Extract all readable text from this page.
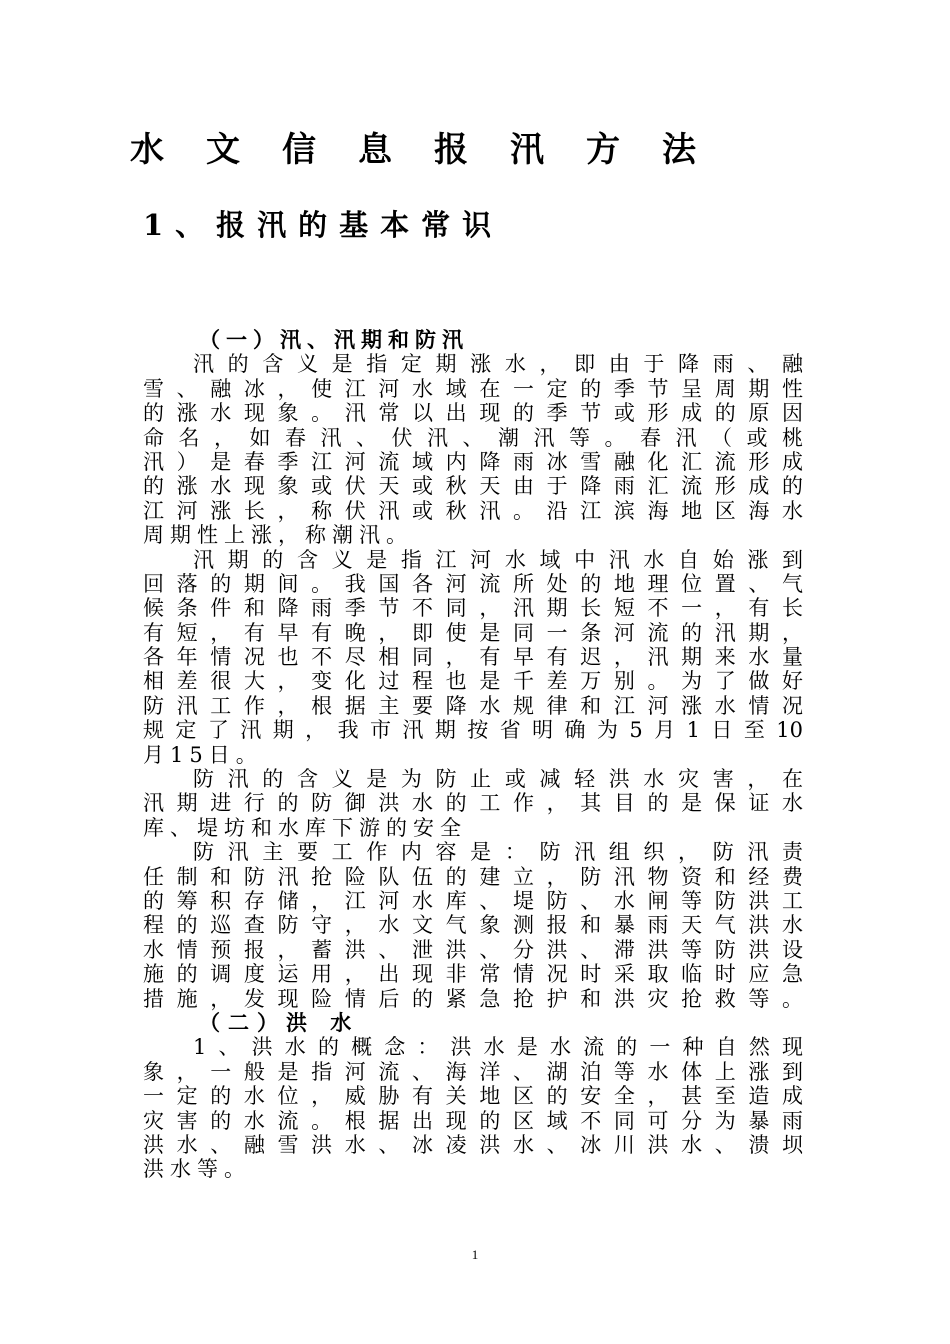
水 文 信 息 报 汛 方 法
1、报汛的基本常识
（一）汛、汛期和防汛
汛的含义是指定期涨水，即由于降雨、融
雪、融冰，使江河水域在一定的季节呈周期性
的涨水现象。汛常以出现的季节或形成的原因
命名，如春汛、伏汛、潮汛等。春汛（或桃
汛）是春季江河流域内降雨冰雪融化汇流形成
的涨水现象或伏天或秋天由于降雨汇流形成的
江河涨长，称伏汛或秋汛。沿江滨海地区海水
周期性上涨，称潮汛。
汛期的含义是指江河水域中汛水自始涨到
回落的期间。我国各河流所处的地理位置、气
候条件和降雨季节不同，汛期长短不一，有长
有短，有早有晚，即使是同一条河流的汛期，
各年情况也不尽相同，有早有迟，汛期来水量
相差很大，变化过程也是千差万别。为了做好
防汛工作，根据主要降水规律和江河涨水情况
规定了汛期，我市汛期按省明确为5月1日至10
月15日。
防汛的含义是为防止或减轻洪水灾害，在
汛期进行的防御洪水的工作，其目的是保证水
库、堤坊和水库下游的安全
防汛主要工作内容是：防汛组织，防汛责
任制和防汛抢险队伍的建立，防汛物资和经费
的筹积存储，江河水库、堤防、水闸等防洪工
程的巡查防守，水文气象测报和暴雨天气洪水
水情预报，蓄洪、泄洪、分洪、滞洪等防洪设
施的调度运用，出现非常情况时采取临时应急
措施，发现险情后的紧急抢护和洪灾抢救等。
（二）洪 水
1、洪水的概念：洪水是水流的一种自然现
象，一般是指河流、海洋、湖泊等水体上涨到
一定的水位，威胁有关地区的安全，甚至造成
灾害的水流。根据出现的区域不同可分为暴雨
洪水、融雪洪水、冰凌洪水、冰川洪水、溃坝
洪水等。
1
